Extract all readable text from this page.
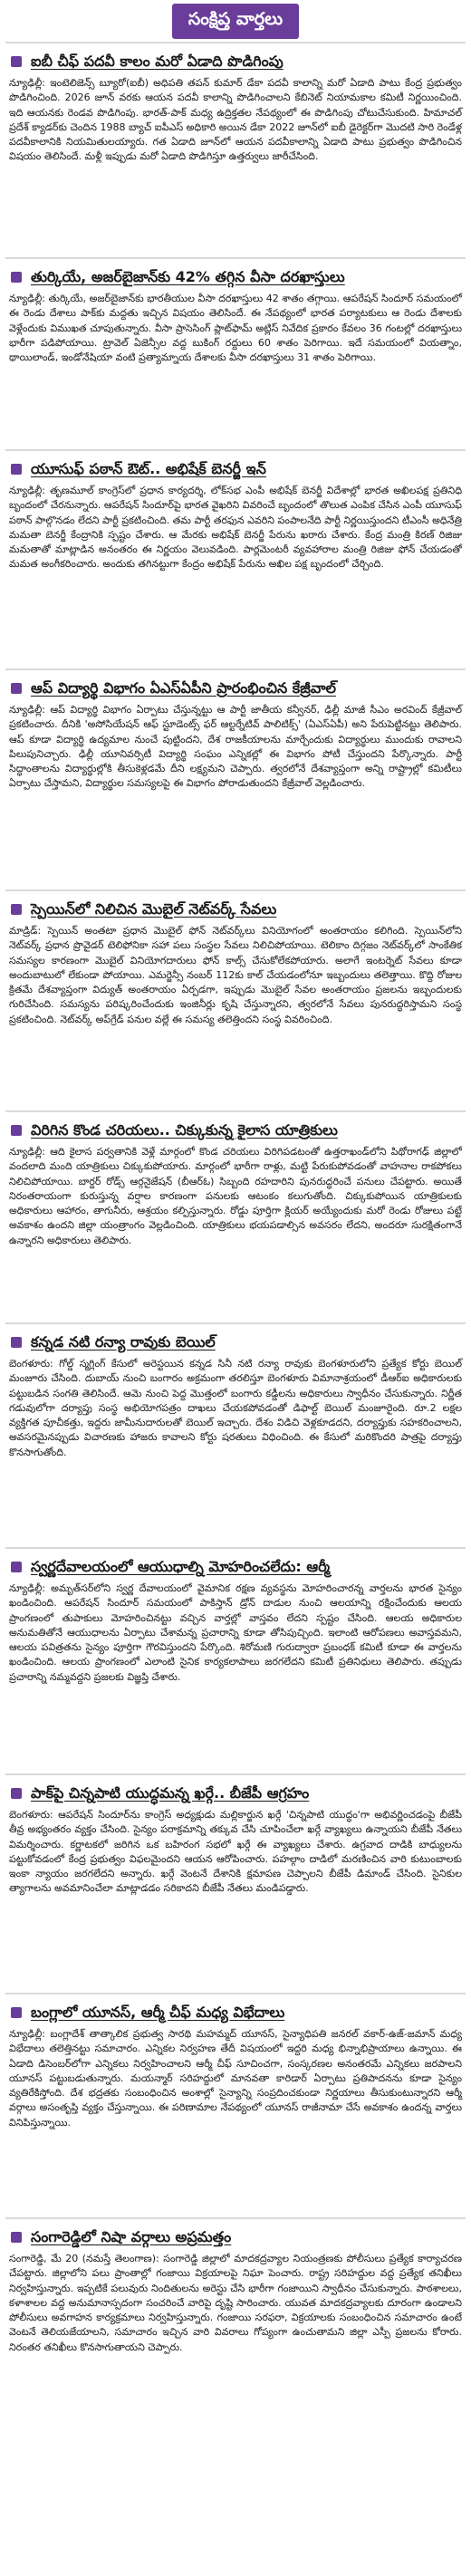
సంక్షిప్త వార్తలు
ఐబీ చీఫ్ పదవీ కాలం మరో ఏడాది పొడిగింపు
న్యూఢిల్లీ: ఇంటెలిజెన్స్ బ్యూరో(ఐబీ) అధిపతి తపన్ కుమార్ డేకా పదవీ కాలాన్ని మరో ఏడాది పాటు కేంద్ర ప్రభుత్వం పొడిగించింది. 2026 జూన్ వరకు ఆయన పదవీ కాలాన్ని పొడిగించాలని కేబినెట్ నియామకాల కమిటీ నిర్ణయించింది. ఇది ఆయనకు రెండవ పొడిగింపు. భారత్-పాక్ మధ్య ఉద్రిక్తతల నేపథ్యంలో ఈ పొడిగింపు చోటుచేసుకుంది. హిమాచల్ ప్రదేశ్ క్యాడర్‌కు చెందిన 1988 బ్యాచ్ ఐపీఎస్ అధికారి అయిన డేకా 2022 జూన్‌లో ఐబీ డైరెక్టర్‌గా మొదటి సారి రెండేళ్ల పదవీకాలానికి నియమితులయ్యారు. గత ఏడాది జూన్‌లో ఆయన పదవీకాలాన్ని ఏడాది పాటు ప్రభుత్వం పొడిగించిన విషయం తెలిసిందే. మళ్లీ ఇప్పుడు మరో ఏడాది పొడిగిస్తూ ఉత్తర్వులు జారీచేసింది.
తుర్కియే, అజర్‌బైజాన్‌కు 42% తగ్గిన వీసా దరఖాస్తులు
న్యూఢిల్లీ: తుర్కియే, అజర్‌బైజాన్‌కు భారతీయుల వీసా దరఖాస్తులు 42 శాతం తగ్గాయి. ఆపరేషన్ సిందూర్ సమయంలో ఈ రెండు దేశాలు పాక్‌కు మద్దతు ఇచ్చిన విషయం తెలిసిందే. ఈ నేపథ్యంలో భారత పర్యాటకులు ఆ రెండు దేశాలకు వెళ్లేందుకు విముఖత చూపుతున్నారు. వీసా ప్రాసెసింగ్ ప్లాట్‌ఫామ్ అట్లిస్ నివేదిక ప్రకారం కేవలం 36 గంటల్లో దరఖాస్తులు భారీగా పడిపోయాయి. ట్రావెల్ ఏజెన్సీల వద్ద బుకింగ్ రద్దులు 60 శాతం పెరిగాయి. ఇదే సమయంలో వియత్నాం, థాయిలాండ్, ఇండోనేషియా వంటి ప్రత్యామ్నాయ దేశాలకు వీసా దరఖాస్తులు 31 శాతం పెరిగాయి.
యూసుఫ్ పఠాన్ ఔట్.. అభిషేక్ బెనర్జీ ఇన్
న్యూఢిల్లీ: తృణమూల్ కాంగ్రెస్‌లో ప్రధాన కార్యదర్శి, లోక్‌సభ ఎంపీ అభిషేక్ బెనర్జీ విదేశాల్లో భారత అఖిలపక్ష ప్రతినిధి బృందంలో చేరనున్నారు. ఆపరేషన్ సిందూర్‌పై భారత వైఖరిని వివరించే బృందంలో తొలుత ఎంపిక చేసిన ఎంపీ యూసుఫ్ పఠాన్ పాల్గొనడం లేదని పార్టీ ప్రకటించింది. తమ పార్టీ తరఫున ఎవరిని పంపాలనేది పార్టీ నిర్ణయిస్తుందని టీఎంసీ అధినేత్రి మమతా బెనర్జీ కేంద్రానికి స్పష్టం చేశారు. ఆ మేరకు అభిషేక్ బెనర్జీ పేరును ఖరారు చేశారు. కేంద్ర మంత్రి కిరణ్ రిజిజు మమతాతో మాట్లాడిన అనంతరం ఈ నిర్ణయం వెలువడింది. పార్లమెంటరీ వ్యవహారాల మంత్రి రిజిజు ఫోన్ చేయడంతో మమత అంగీకరించారు. అందుకు తగినట్టుగా కేంద్రం అభిషేక్ పేరును అఖిల పక్ష బృందంలో చేర్చింది.
ఆప్ విద్యార్థి విభాగం ఏఎస్ఏపీని ప్రారంభించిన కేజ్రీవాల్
న్యూఢిల్లీ: ఆప్ విద్యార్థి విభాగం ఏర్పాటు చేస్తున్నట్టు ఆ పార్టీ జాతీయ కన్వీనర్, ఢిల్లీ మాజీ సీఎం అరవింద్ కేజ్రీవాల్ ప్రకటించారు. దీనికి 'అసోసియేషన్ ఆఫ్ స్టూడెంట్స్ ఫర్ ఆల్టర్నేటివ్ పాలిటిక్స్' (ఏఎస్ఏపీ) అని పేరుపెట్టినట్టు తెలిపారు. ఆప్ కూడా విద్యార్థి ఉద్యమాల నుంచే పుట్టిందని, దేశ రాజకీయాలను మార్చేందుకు విద్యార్థులు ముందుకు రావాలని పిలుపునిచ్చారు. ఢిల్లీ యూనివర్సిటీ విద్యార్థి సంఘం ఎన్నికల్లో ఈ విభాగం పోటీ చేస్తుందని పేర్కొన్నారు. పార్టీ సిద్ధాంతాలను విద్యార్థుల్లోకి తీసుకెళ్లడమే దీని లక్ష్యమని చెప్పారు. త్వరలోనే దేశవ్యాప్తంగా అన్ని రాష్ట్రాల్లో కమిటీలు ఏర్పాటు చేస్తామని, విద్యార్థుల సమస్యలపై ఈ విభాగం పోరాడుతుందని కేజ్రీవాల్ వెల్లడించారు.
స్పెయిన్‌లో నిలిచిన మొబైల్ నెట్‌వర్క్ సేవలు
మాడ్రిడ్: స్పెయిన్ అంతటా ప్రధాన మొబైల్ ఫోన్ నెట్‌వర్క్‌లు వినియోగంలో అంతరాయం కలిగింది. స్పెయిన్‌లోని నెట్‌వర్క్ ప్రధాన ప్రొవైడర్ టెలిఫోనికా సహా పలు సంస్థల సేవలు నిలిచిపోయాయి. టెలికాం దిగ్గజం నెట్‌వర్క్‌లో సాంకేతిక సమస్యల కారణంగా మొబైల్ వినియోగదారులు ఫోన్ కాల్స్ చేసుకోలేకపోయారు. అలాగే ఇంటర్నెట్ సేవలు కూడా అందుబాటులో లేకుండా పోయాయి. ఎమర్జెన్సీ నంబర్ 112కు కాల్ చేయడంలోనూ ఇబ్బందులు తలెత్తాయి. కొద్ది రోజుల క్రితమే దేశవ్యాప్తంగా విద్యుత్ అంతరాయం ఏర్పడగా, ఇప్పుడు మొబైల్ సేవల అంతరాయం ప్రజలను ఇబ్బందులకు గురిచేసింది. సమస్యను పరిష్కరించేందుకు ఇంజినీర్లు కృషి చేస్తున్నారని, త్వరలోనే సేవలు పునరుద్ధరిస్తామని సంస్థ ప్రకటించింది. నెట్‌వర్క్ అప్‌గ్రేడ్ పనుల వల్లే ఈ సమస్య తలెత్తిందని సంస్థ వివరించింది.
విరిగిన కొండ చరియలు.. చిక్కుకున్న కైలాస యాత్రికులు
న్యూఢిల్లీ: ఆది కైలాస పర్వతానికి వెళ్లే మార్గంలో కొండ చరియలు విరిగిపడటంతో ఉత్తరాఖండ్‌లోని పిథోరాగఢ్ జిల్లాలో వందలాది మంది యాత్రికులు చిక్కుకుపోయారు. మార్గంలో భారీగా రాళ్లు, మట్టి పేరుకుపోవడంతో వాహనాల రాకపోకలు నిలిచిపోయాయి. బార్డర్ రోడ్స్ ఆర్గనైజేషన్ (బీఆర్ఓ) సిబ్బంది రహదారిని పునరుద్ధరించే పనులు చేపట్టారు. అయితే నిరంతరాయంగా కురుస్తున్న వర్షాల కారణంగా పనులకు ఆటంకం కలుగుతోంది. చిక్కుకుపోయిన యాత్రికులకు అధికారులు ఆహారం, తాగునీరు, ఆశ్రయం కల్పిస్తున్నారు. రోడ్డు పూర్తిగా క్లియర్ అయ్యేందుకు మరో రెండు రోజులు పట్టే అవకాశం ఉందని జిల్లా యంత్రాంగం వెల్లడించింది. యాత్రికులు భయపడాల్సిన అవసరం లేదని, అందరూ సురక్షితంగానే ఉన్నారని అధికారులు తెలిపారు.
కన్నడ నటి రన్యా రావుకు బెయిల్
బెంగళూరు: గోల్డ్ స్మగ్లింగ్ కేసులో అరెస్టయిన కన్నడ సినీ నటి రన్యా రావుకు బెంగళూరులోని ప్రత్యేక కోర్టు బెయిల్ మంజూరు చేసింది. దుబాయ్ నుంచి బంగారం అక్రమంగా తరలిస్తూ బెంగళూరు విమానాశ్రయంలో డీఆర్ఐ అధికారులకు పట్టుబడిన సంగతి తెలిసిందే. ఆమె నుంచి పెద్ద మొత్తంలో బంగారు కడ్డీలను అధికారులు స్వాధీనం చేసుకున్నారు. నిర్ణీత గడువులోగా దర్యాప్తు సంస్థ అభియోగపత్రం దాఖలు చేయకపోవడంతో డిఫాల్ట్ బెయిల్ మంజూరైంది. రూ.2 లక్షల వ్యక్తిగత పూచీకత్తు, ఇద్దరు జామీనుదారులతో బెయిల్ ఇచ్చారు. దేశం విడిచి వెళ్లకూడదని, దర్యాప్తుకు సహకరించాలని, అవసరమైనప్పుడు విచారణకు హాజరు కావాలని కోర్టు షరతులు విధించింది. ఈ కేసులో మరికొందరి పాత్రపై దర్యాప్తు కొనసాగుతోంది.
స్వర్ణదేవాలయంలో ఆయుధాల్ని మోహరించలేదు: ఆర్మీ
న్యూఢిల్లీ: అమృత్‌సర్‌లోని స్వర్ణ దేవాలయంలో వైమానిక రక్షణ వ్యవస్థను మోహరించారన్న వార్తలను భారత సైన్యం ఖండించింది. ఆపరేషన్ సిందూర్ సమయంలో పాకిస్తాన్ డ్రోన్ దాడుల నుంచి ఆలయాన్ని రక్షించేందుకు ఆలయ ప్రాంగణంలో తుపాకులు మోహరించినట్టు వచ్చిన వార్తల్లో వాస్తవం లేదని స్పష్టం చేసింది. ఆలయ అధికారుల అనుమతితోనే ఆయుధాలను ఏర్పాటు చేశామన్న ప్రచారాన్ని కూడా తోసిపుచ్చింది. ఇలాంటి ఆరోపణలు అవాస్తవమని, ఆలయ పవిత్రతను సైన్యం పూర్తిగా గౌరవిస్తుందని పేర్కొంది. శిరోమణి గురుద్వారా ప్రబంధక్ కమిటీ కూడా ఈ వార్తలను ఖండించింది. ఆలయ ప్రాంగణంలో ఎలాంటి సైనిక కార్యకలాపాలు జరగలేదని కమిటీ ప్రతినిధులు తెలిపారు. తప్పుడు ప్రచారాన్ని నమ్మవద్దని ప్రజలకు విజ్ఞప్తి చేశారు.
పాక్‌పై చిన్నపాటి యుద్ధమన్న ఖర్గే.. బీజేపీ ఆగ్రహం
బెంగళూరు: ఆపరేషన్ సిందూర్‌ను కాంగ్రెస్ అధ్యక్షుడు మల్లికార్జున ఖర్గే 'చిన్నపాటి యుద్ధం'గా అభివర్ణించడంపై బీజేపీ తీవ్ర అభ్యంతరం వ్యక్తం చేసింది. సైన్యం పరాక్రమాన్ని తక్కువ చేసి చూపించేలా ఖర్గే వ్యాఖ్యలు ఉన్నాయని బీజేపీ నేతలు విమర్శించారు. కర్ణాటకలో జరిగిన ఒక బహిరంగ సభలో ఖర్గే ఈ వ్యాఖ్యలు చేశారు. ఉగ్రవాద దాడికి బాధ్యులను పట్టుకోవడంలో కేంద్ర ప్రభుత్వం విఫలమైందని ఆయన ఆరోపించారు. పహల్గాం దాడిలో మరణించిన వారి కుటుంబాలకు ఇంకా న్యాయం జరగలేదని అన్నారు. ఖర్గే వెంటనే దేశానికి క్షమాపణ చెప్పాలని బీజేపీ డిమాండ్ చేసింది. సైనికుల త్యాగాలను అవమానించేలా మాట్లాడడం సరికాదని బీజేపీ నేతలు మండిపడ్డారు.
బంగ్లాలో యూనస్, ఆర్మీ చీఫ్ మధ్య విభేదాలు
న్యూఢిల్లీ: బంగ్లాదేశ్ తాత్కాలిక ప్రభుత్వ సారథి మహమ్మద్ యూనస్, సైన్యాధిపతి జనరల్ వకార్-ఉజ్-జమాన్ మధ్య విభేదాలు తలెత్తినట్టు సమాచారం. ఎన్నికల నిర్వహణ తేదీ విషయంలో ఇద్దరి మధ్య భిన్నాభిప్రాయాలు ఉన్నాయి. ఈ ఏడాది డిసెంబర్‌లోగా ఎన్నికలు నిర్వహించాలని ఆర్మీ చీఫ్ సూచించగా, సంస్కరణల అనంతరమే ఎన్నికలు జరపాలని యూనస్ పట్టుబడుతున్నారు. మయన్మార్ సరిహద్దులో మానవతా కారిడార్ ఏర్పాటు ప్రతిపాదనను కూడా సైన్యం వ్యతిరేకిస్తోంది. దేశ భద్రతకు సంబంధించిన అంశాల్లో సైన్యాన్ని సంప్రదించకుండా నిర్ణయాలు తీసుకుంటున్నారని ఆర్మీ వర్గాలు అసంతృప్తి వ్యక్తం చేస్తున్నాయి. ఈ పరిణామాల నేపథ్యంలో యూనస్ రాజీనామా చేసే అవకాశం ఉందన్న వార్తలు వినిపిస్తున్నాయి.
సంగారెడ్డిలో నిషా వర్గాలు అప్రమత్తం
సంగారెడ్డి, మే 20 (నమస్తే తెలంగాణ): సంగారెడ్డి జిల్లాలో మాదకద్రవ్యాల నియంత్రణకు పోలీసులు ప్రత్యేక కార్యాచరణ చేపట్టారు. జిల్లాలోని పలు ప్రాంతాల్లో గంజాయి విక్రయాలపై నిఘా పెంచారు. రాష్ట్ర సరిహద్దుల వద్ద ప్రత్యేక తనిఖీలు నిర్వహిస్తున్నారు. ఇప్పటికే పలువురు నిందితులను అరెస్టు చేసి భారీగా గంజాయిని స్వాధీనం చేసుకున్నారు. పాఠశాలలు, కళాశాలల వద్ద అనుమానాస్పదంగా సంచరించే వారిపై దృష్టి సారించారు. యువత మాదకద్రవ్యాలకు దూరంగా ఉండాలని పోలీసులు అవగాహన కార్యక్రమాలు నిర్వహిస్తున్నారు. గంజాయి సరఫరా, విక్రయాలకు సంబంధించిన సమాచారం ఉంటే వెంటనే తెలియజేయాలని, సమాచారం ఇచ్చిన వారి వివరాలు గోప్యంగా ఉంచుతామని జిల్లా ఎస్పీ ప్రజలను కోరారు. నిరంతర తనిఖీలు కొనసాగుతాయని చెప్పారు.
